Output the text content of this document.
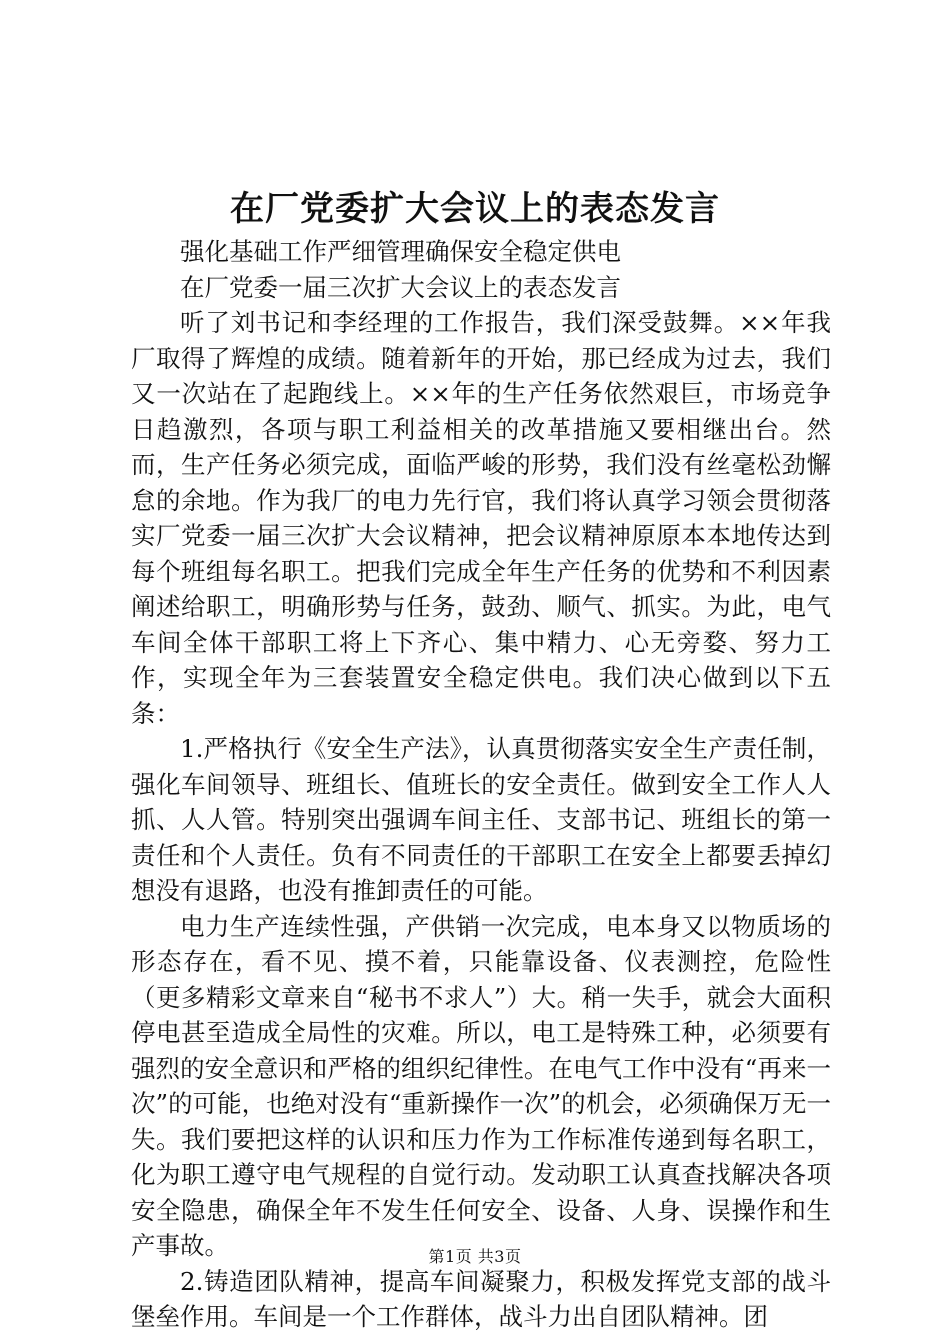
在厂党委扩大会议上的表态发言

强化基础工作严细管理确保安全稳定供电

在厂党委一届三次扩大会议上的表态发言

听了刘书记和李经理的工作报告，我们深受鼓舞。××年我厂取得了辉煌的成绩。随着新年的开始，那已经成为过去，我们又一次站在了起跑线上。××年的生产任务依然艰巨，市场竞争日趋激烈，各项与职工利益相关的改革措施又要相继出台。然而，生产任务必须完成，面临严峻的形势，我们没有丝毫松劲懈怠的余地。作为我厂的电力先行官，我们将认真学习领会贯彻落实厂党委一届三次扩大会议精神，把会议精神原原本本地传达到每个班组每名职工。把我们完成全年生产任务的优势和不利因素阐述给职工，明确形势与任务，鼓劲、顺气、抓实。为此，电气车间全体干部职工将上下齐心、集中精力、心无旁婺、努力工作，实现全年为三套装置安全稳定供电。我们决心做到以下五条：

1.严格执行《安全生产法》，认真贯彻落实安全生产责任制，强化车间领导、班组长、值班长的安全责任。做到安全工作人人抓、人人管。特别突出强调车间主任、支部书记、班组长的第一责任和个人责任。负有不同责任的干部职工在安全上都要丢掉幻想没有退路，也没有推卸责任的可能。

电力生产连续性强，产供销一次完成，电本身又以物质场的形态存在，看不见、摸不着，只能靠设备、仪表测控，危险性（更多精彩文章来自“秘书不求人”）大。稍一失手，就会大面积停电甚至造成全局性的灾难。所以，电工是特殊工种，必须要有强烈的安全意识和严格的组织纪律性。在电气工作中没有“再来一次”的可能，也绝对没有“重新操作一次”的机会，必须确保万无一失。我们要把这样的认识和压力作为工作标准传递到每名职工，化为职工遵守电气规程的自觉行动。发动职工认真查找解决各项安全隐患，确保全年不发生任何安全、设备、人身、误操作和生产事故。

2.铸造团队精神，提高车间凝聚力，积极发挥党支部的战斗堡垒作用。车间是一个工作群体，战斗力出自团队精神。团

第1页 共3页
